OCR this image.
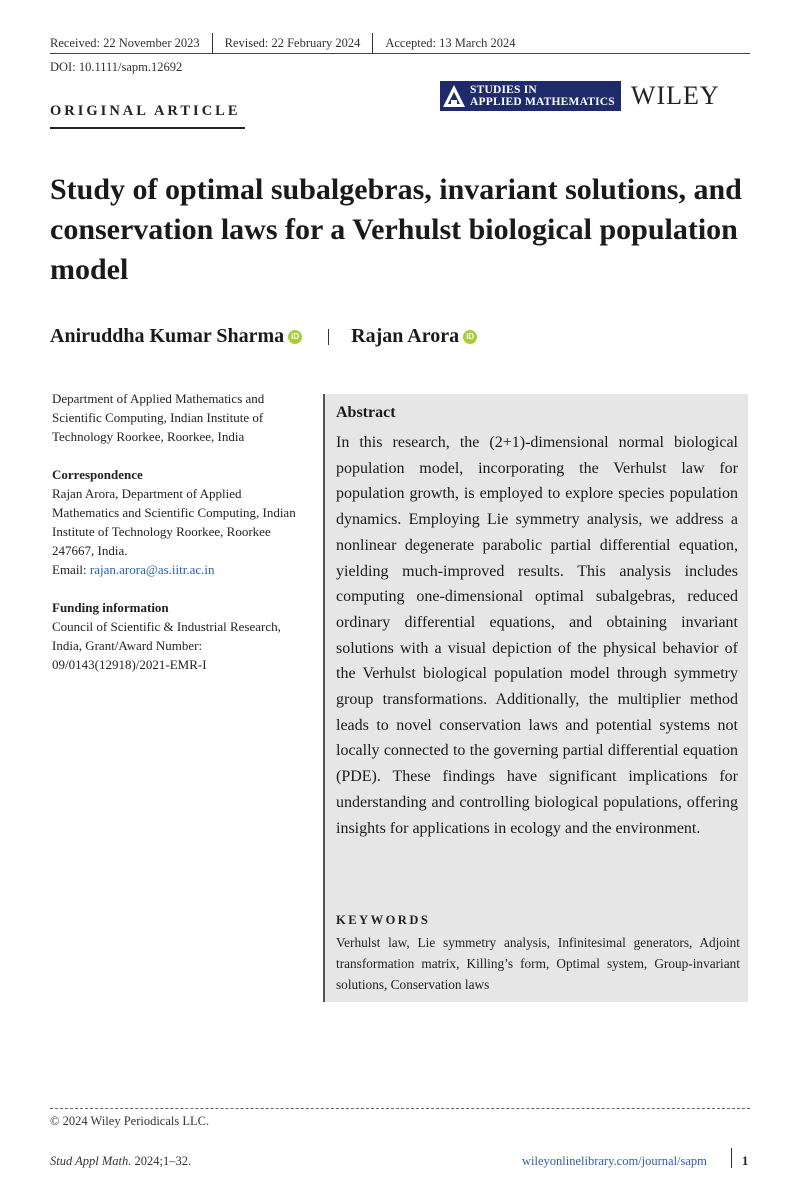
Received: 22 November 2023 Revised: 22 February 2024 Accepted: 13 March 2024
DOI: 10.1111/sapm.12692
STUDIES IN
APPLIED MATHEMATICS WILEY
ORIGINAL ARTICLE
Study of optimal subalgebras, invariant solutions, and conservation laws for a Verhulst biological population model
Aniruddha Kumar Sharma iD	Rajan Arora iD

Department of Applied Mathematics and Scientific Computing, Indian Institute of Technology Roorkee, Roorkee, India

Correspondence

Rajan Arora, Department of Applied Mathematics and Scientific Computing, Indian Institute of Technology Roorkee, Roorkee 247667, India.

Email: rajan.arora@as.iitr.ac.in

Funding information

Council of Scientific & Industrial Research, India, Grant/Award Number: 09/0143(12918)/2021-EMR-I

Abstract
In this research, the (2+1)-dimensional normal biological population model, incorporating the Verhulst law for population growth, is employed to explore species population dynamics. Employing Lie symmetry analysis, we address a nonlinear degenerate parabolic partial differential equation, yielding much-improved results. This analysis includes computing one-dimensional optimal subalgebras, reduced ordinary differential equations, and obtaining invariant solutions with a visual depiction of the physical behavior of the Verhulst biological population model through symmetry group transformations. Additionally, the multiplier method leads to novel conservation laws and potential systems not locally connected to the governing partial differential equation (PDE). These findings have significant implications for understanding and controlling biological populations, offering insights for applications in ecology and the environment.
KEYWORDS
Verhulst law, Lie symmetry analysis, Infinitesimal generators, Adjoint transformation matrix, Killing’s form, Optimal system, Group-invariant solutions, Conservation laws
© 2024 Wiley Periodicals LLC.
Stud Appl Math. 2024;1–32.	wileyonlinelibrary.com/journal/sapm	1
